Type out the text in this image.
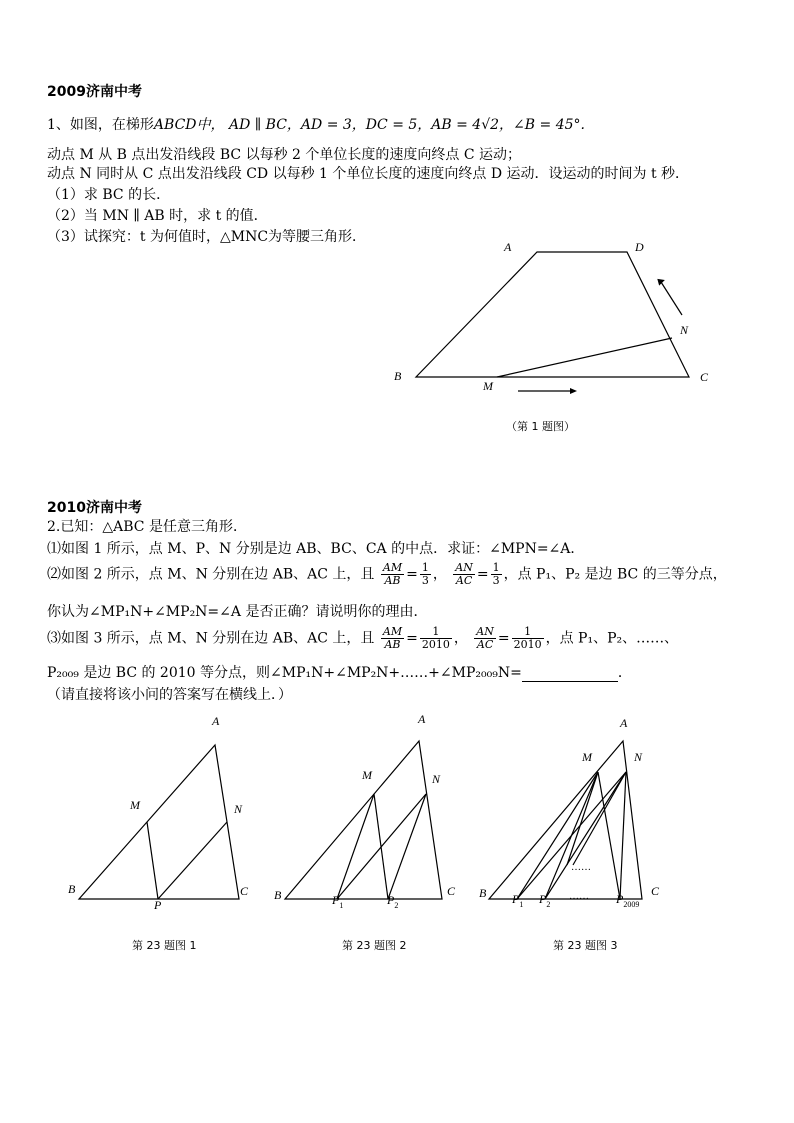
2009济南中考
1、如图，在梯形ABCD中， AD ∥ BC，AD = 3，DC = 5，AB = 4√2，∠B = 45°.
动点 M 从 B 点出发沿线段 BC 以每秒 2 个单位长度的速度向终点 C 运动；
动点 N 同时从 C 点出发沿线段 CD 以每秒 1 个单位长度的速度向终点 D 运动．设运动的时间为 t 秒．
（1）求 BC 的长．
（2）当 MN ∥ AB 时，求 t 的值．
（3）试探究：t 为何值时，△MNC为等腰三角形．
A	D
N
B
M
C
（第 1 题图）
2010济南中考
2.已知：△ABC 是任意三角形．
⑴如图 1 所示，点 M、P、N 分别是边 AB、BC、CA 的中点．求证：∠MPN=∠A．
⑵如图 2 所示，点 M、N 分别在边 AB、AC 上，且 $\frac{AM}{AB} = \frac{1}{3}$ ， $\frac{AN}{AC} = \frac{1}{3}$ ，点 P₁、P₂ 是边 BC 的三等分点，
你认为∠MP₁N+∠MP₂N=∠A 是否正确？请说明你的理由．
⑶如图 3 所示，点 M、N 分别在边 AB、AC 上，且 $\frac{AM}{AB} = \frac{1}{2010}$ ， $\frac{AN}{AC} = \frac{1}{2010}$ ，点 P₁、P₂、……、
P₂₀₀₉ 是边 BC 的 2010 等分点，则∠MP₁N+∠MP₂N+……+∠MP₂₀₀₉N=	．
（请直接将该小问的答案写在横线上．）
A
M	N
B
P
C
第 23 题图 1
A
M	N
B	$P_1$	$P_2$
C
第 23 题图 2
A
M	N
B $P_1$ $P_2$	$P_{2009}$
C
……
……
第 23 题图 3
